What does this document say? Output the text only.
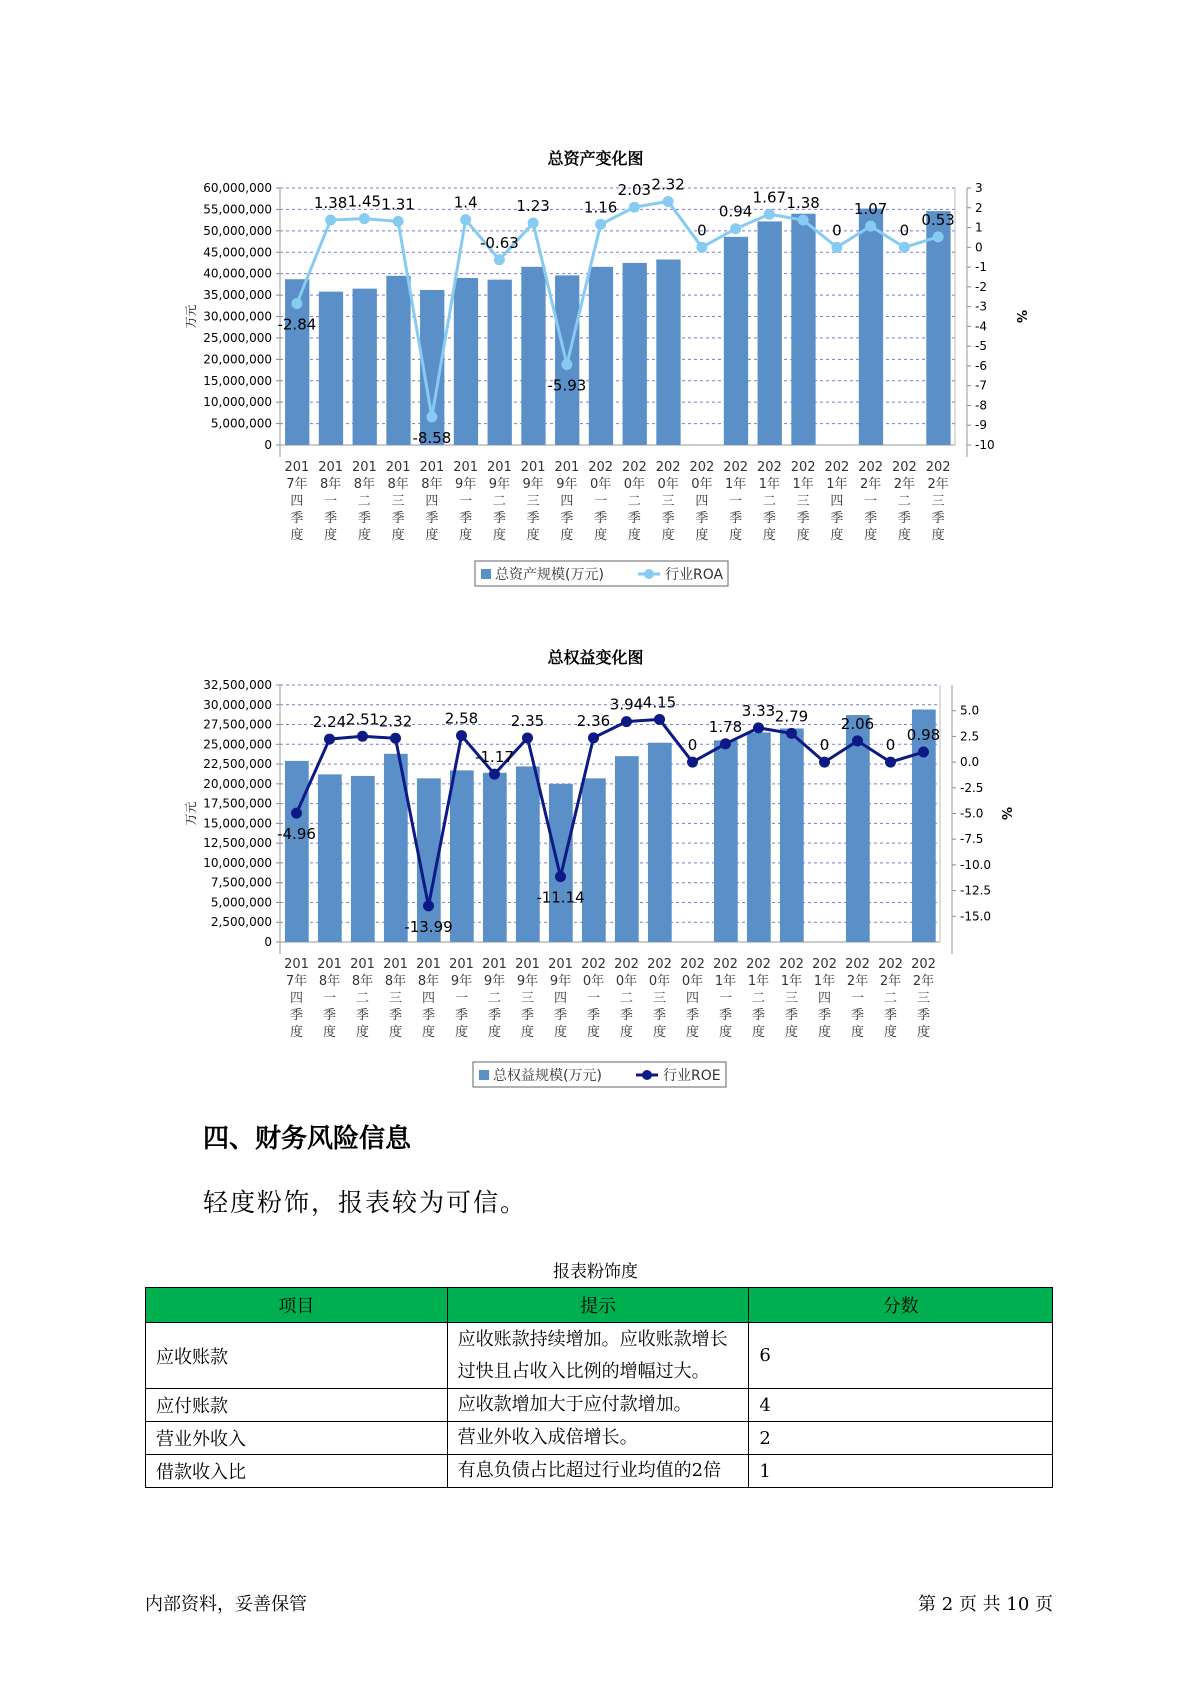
总资产变化图
60,000,000
55,000,000
50,000,000
45,000,000
40,000,000
35,000,000
30,000,000
25,000,000
20,000,000
15,000,000
10,000,000
5,000,000
0
3
2
1
0
-1
-2
-3
-4
-5
-6
-7
-8
-9
-10
万元	%
201 7年四季度
201 8年一季度
201 8年二季度
201 8年三季度
201 8年四季度
201 9年一季度
201 9年二季度
201 9年三季度
201 9年四季度
202 0年一季度
202 0年二季度
202 0年三季度
202 0年四季度
202 1年一季度
202 1年二季度
202 1年三季度
202 1年四季度
202 2年一季度
202 2年二季度
202 2年三季度
-2.84
1.38 1.45 1.31
-8.58
1.4
-0.63
1.23
-5.93
1.16
2.03 2.32
0
0.94
1.67 1.38
0
1.07
0
0.53
总资产规模(万元)	行业ROA
总权益变化图
32,500,000
30,000,000
27,500,000
25,000,000
22,500,000
20,000,000
17,500,000
15,000,000
12,500,000
10,000,000
7,500,000
5,000,000
2,500,000
0
5.0
2.5
0.0
-2.5
-5.0
-7.5
-10.0
-12.5
-15.0
万元	%
201 7年四季度
201 8年一季度
201 8年二季度
201 8年三季度
201 8年四季度
201 9年一季度
201 9年二季度
201 9年三季度
201 9年四季度
202 0年一季度
202 0年二季度
202 0年三季度
202 0年四季度
202 1年一季度
202 1年二季度
202 1年三季度
202 1年四季度
202 2年一季度
202 2年二季度
202 2年三季度
-4.96
2.24 2.51 2.32
-13.99
2.58
-1.17
2.35
-11.14
2.36
3.94 4.15
0
1.78
3.33 2.79
0
2.06
0
0.98
总权益规模(万元)	行业ROE
四、财务风险信息
轻度粉饰，报表较为可信。
报表粉饰度
项目	提示	分数
应收账款	应收账款持续增加。应收账款增长过快且占收入比例的增幅过大。	6
应付账款	应收款增加大于应付款增加。	4
营业外收入	营业外收入成倍增长。	2
借款收入比	有息负债占比超过行业均值的2倍	1
内部资料，妥善保管	第 2 页 共 10 页
